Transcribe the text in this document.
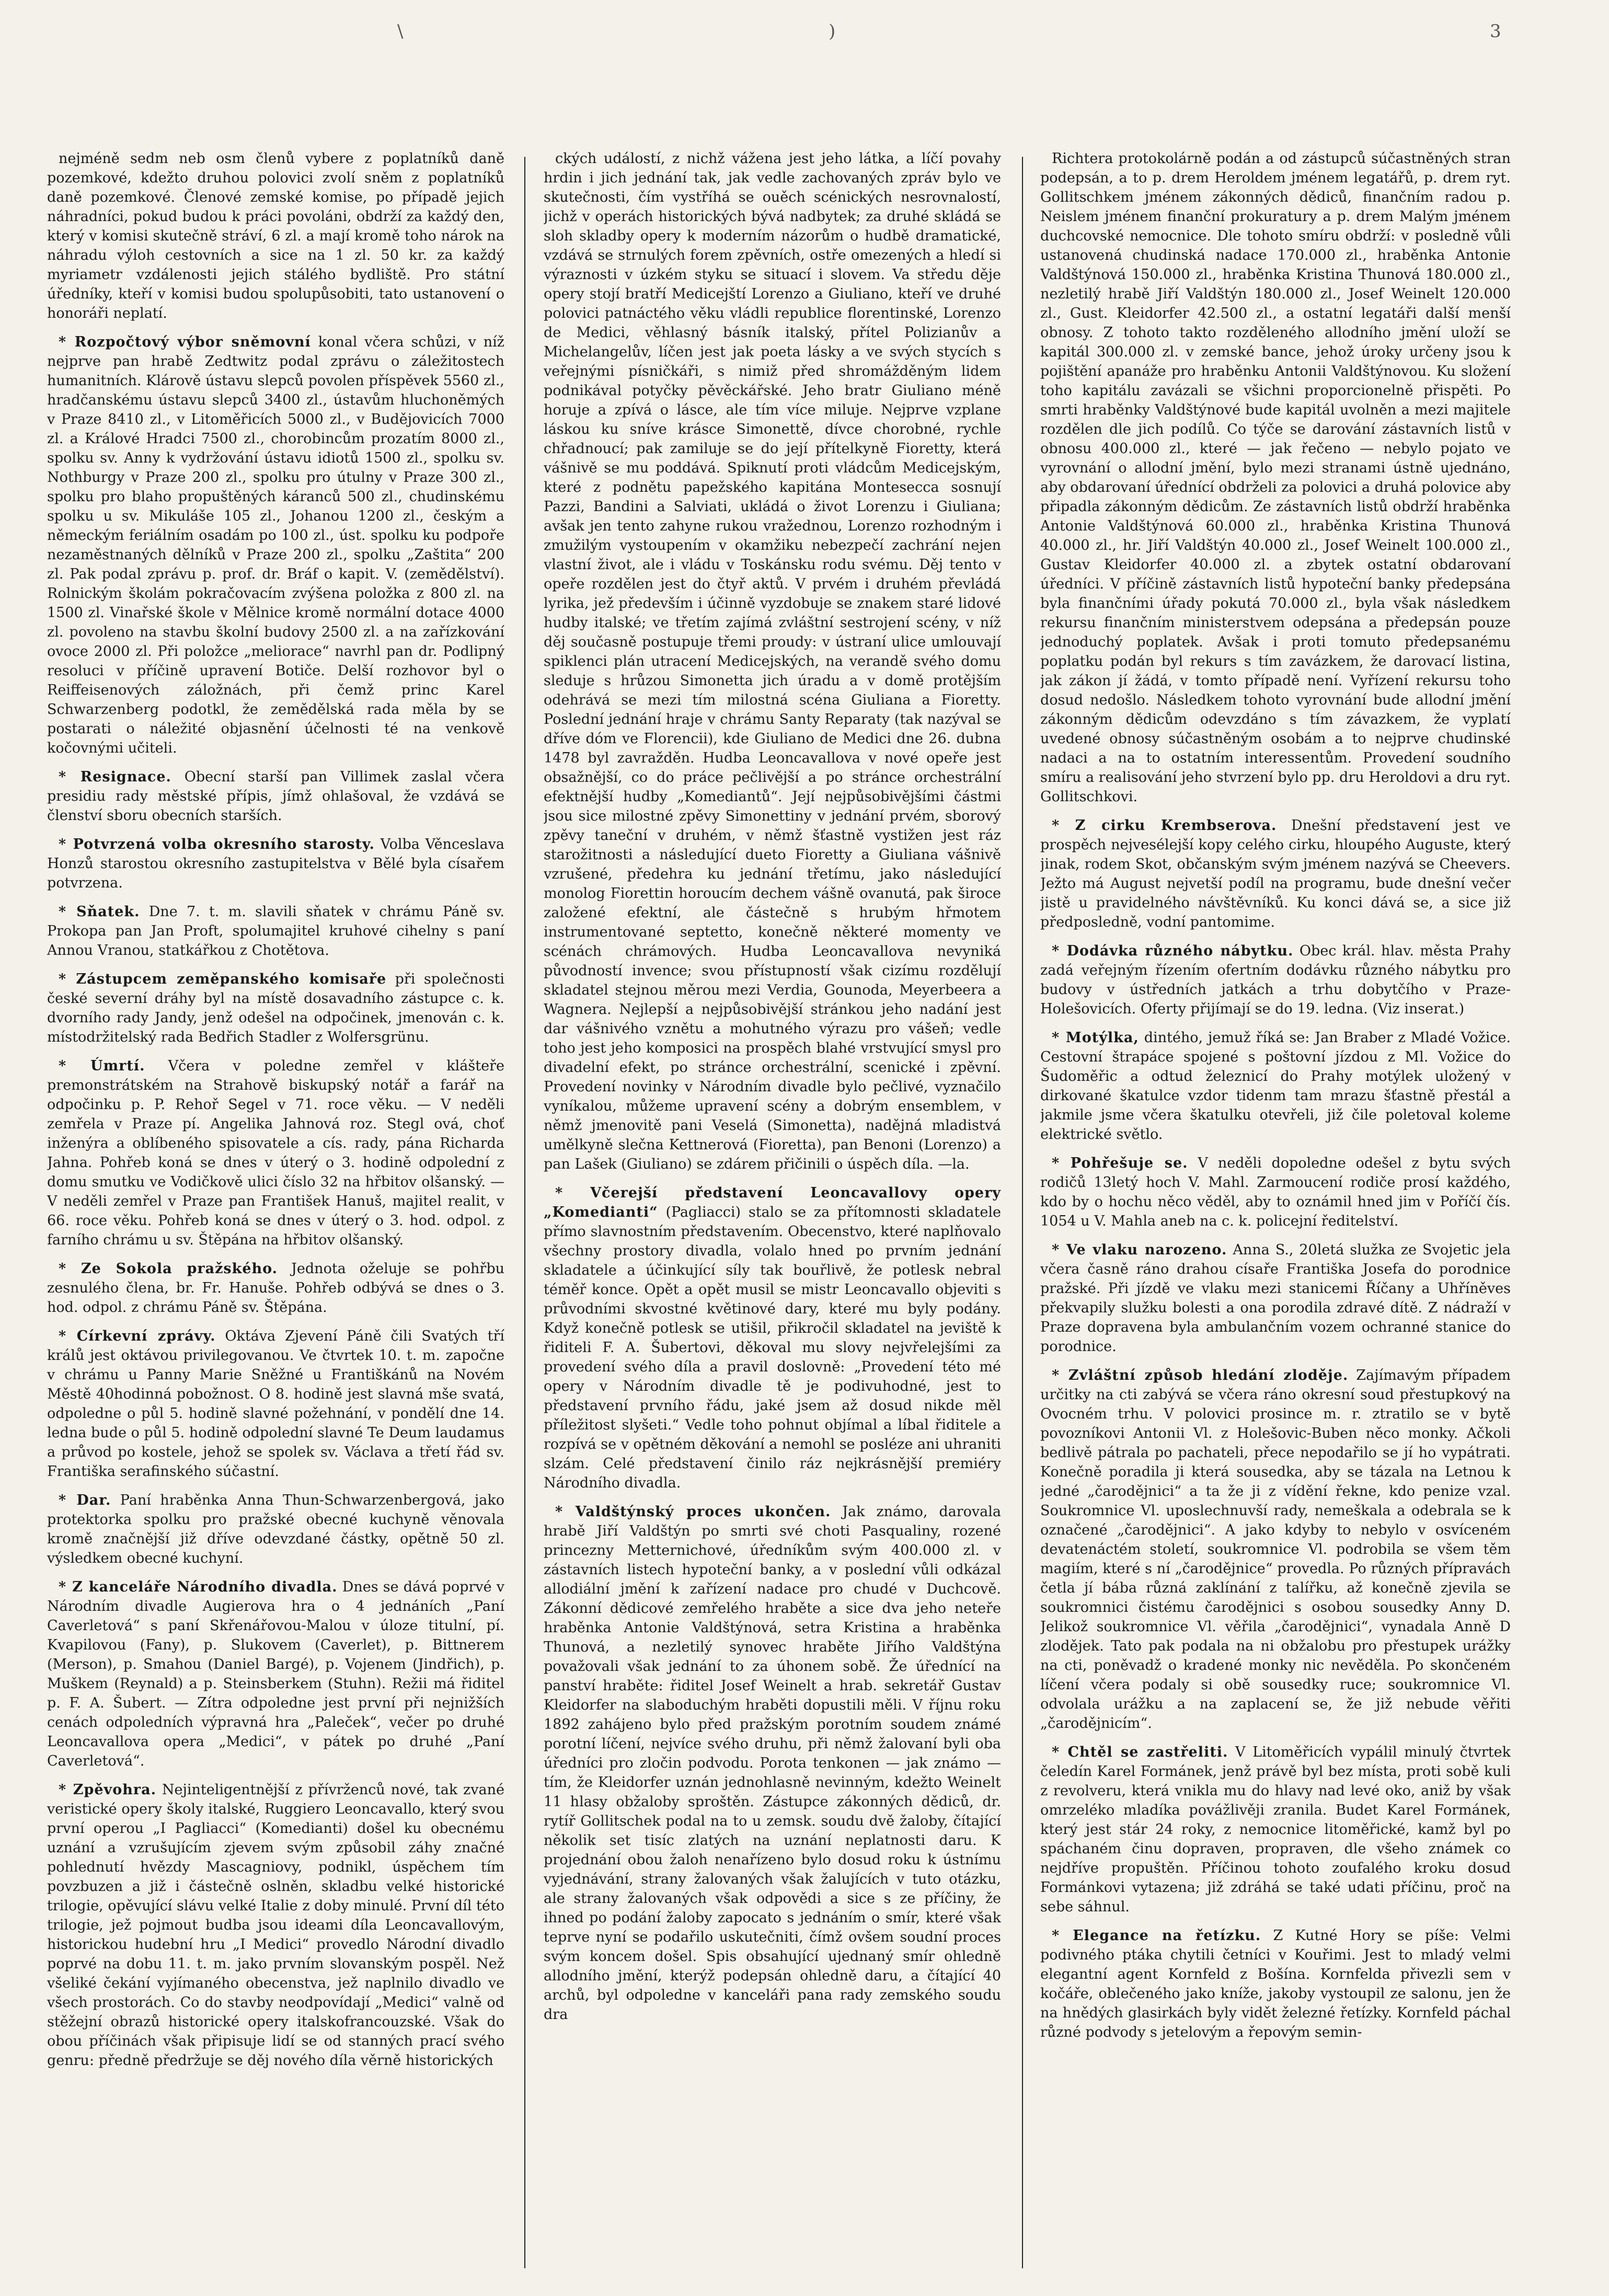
\	)	3

nejméně sedm neb osm členů vybere z poplatníků daně pozemkové, kdežto druhou polovici zvolí sněm z poplatníků daně pozemkové. Členové zemské komise, po případě jejich náhradníci, pokud budou k práci povoláni, obdrží za každý den, který v komisi skutečně stráví, 6 zl. a mají kromě toho nárok na náhradu výloh cestovních a sice na 1 zl. 50 kr. za každý myriametr vzdálenosti jejich stálého bydliště. Pro státní úředníky, kteří v komisi budou spolupůsobiti, tato ustanovení o honoráři neplatí.

* Rozpočtový výbor sněmovní konal včera schůzi, v níž nejprve pan hrabě Zedtwitz podal zprávu o záležitostech humanitních. Klárově ústavu slepců povolen příspěvek 5560 zl., hradčanskému ústavu slepců 3400 zl., ústavům hluchoněmých v Praze 8410 zl., v Litoměřicích 5000 zl., v Budějovicích 7000 zl. a Králové Hradci 7500 zl., chorobincům prozatím 8000 zl., spolku sv. Anny k vydržování ústavu idiotů 1500 zl., spolku sv. Nothburgy v Praze 200 zl., spolku pro útulny v Praze 300 zl., spolku pro blaho propuštěných káranců 500 zl., chudinskému spolku u sv. Mikuláše 105 zl., Johanou 1200 zl., českým a německým feriálním osadám po 100 zl., úst. spolku ku podpoře nezaměstnaných dělníků v Praze 200 zl., spolku „Zaštita“ 200 zl. Pak podal zprávu p. prof. dr. Bráf o kapit. V. (zemědělství). Rolnickým školám pokračovacím zvýšena položka z 800 zl. na 1500 zl. Vinařské škole v Mělnice kromě normální dotace 4000 zl. povoleno na stavbu školní budovy 2500 zl. a na zařízkování ovoce 2000 zl. Při položce „meliorace“ navrhl pan dr. Podlipný resoluci v příčině upravení Botiče. Delší rozhovor byl o Reiffeisenových záložnách, při čemž princ Karel Schwarzenberg podotkl, že zemědělská rada měla by se postarati o náležité objasnění účelnosti té na venkově kočovnými učiteli.

* Resignace. Obecní starší pan Villimek zaslal včera presidiu rady městské přípis, jímž ohlašoval, že vzdává se členství sboru obecních starších.

* Potvrzená volba okresního starosty. Volba Věnceslava Honzů starostou okresního zastupitelstva v Bělé byla císařem potvrzena.

* Sňatek. Dne 7. t. m. slavili sňatek v chrámu Páně sv. Prokopa pan Jan Proft, spolumajitel kruhové cihelny s paní Annou Vranou, statkářkou z Chotětova.

* Zástupcem zeměpanského komisaře při společnosti české severní dráhy byl na místě dosavadního zástupce c. k. dvorního rady Jandy, jenž odešel na odpočinek, jmenován c. k. místodržitelský rada Bedřich Stadler z Wolfersgrünu.

* Úmrtí. Včera v poledne zemřel v klášteře premonstrátském na Strahově biskupský notář a farář na odpočinku p. P. Rehoř Segel v 71. roce věku. — V neděli zemřela v Praze pí. Angelika Jahnová roz. Stegl ová, choť inženýra a oblíbeného spisovatele a cís. rady, pána Richarda Jahna. Pohřeb koná se dnes v úterý o 3. hodině odpolední z domu smutku ve Vodičkově ulici číslo 32 na hřbitov olšanský. — V neděli zemřel v Praze pan František Hanuš, majitel realit, v 66. roce věku. Pohřeb koná se dnes v úterý o 3. hod. odpol. z farního chrámu u sv. Štěpána na hřbitov olšanský.

* Ze Sokola pražského. Jednota oželuje se pohřbu zesnulého člena, br. Fr. Hanuše. Pohřeb odbývá se dnes o 3. hod. odpol. z chrámu Páně sv. Štěpána.

* Církevní zprávy. Oktáva Zjevení Páně čili Svatých tří králů jest oktávou privilegovanou. Ve čtvrtek 10. t. m. započne v chrámu u Panny Marie Sněžné u Františkánů na Novém Městě 40hodinná pobožnost. O 8. hodině jest slavná mše svatá, odpoledne o půl 5. hodině slavné požehnání, v pondělí dne 14. ledna bude o půl 5. hodině odpolední slavné Te Deum laudamus a průvod po kostele, jehož se spolek sv. Václava a třetí řád sv. Františka serafinského súčastní.

* Dar. Paní hraběnka Anna Thun-Schwarzenbergová, jako protektorka spolku pro pražské obecné kuchyně věnovala kromě značnější již dříve odevzdané částky, opětně 50 zl. výsledkem obecné kuchyní.

* Z kanceláře Národního divadla. Dnes se dává poprvé v Národním divadle Augierova hra o 4 jednáních „Paní Caverletová“ s paní Skřenářovou-Malou v úloze titulní, pí. Kvapilovou (Fany), p. Slukovem (Caverlet), p. Bittnerem (Merson), p. Smahou (Daniel Bargé), p. Vojenem (Jindřich), p. Muškem (Reynald) a p. Steinsberkem (Stuhn). Režii má řiditel p. F. A. Šubert. — Zítra odpoledne jest první při nejnižších cenách odpoledních výpravná hra „Paleček“, večer po druhé Leoncavallova opera „Medici“, v pátek po druhé „Paní Caverletová“.

* Zpěvohra. Nejinteligentnější z přívrženců nové, tak zvané veristické opery školy italské, Ruggiero Leoncavallo, který svou první operou „I Pagliacci“ (Komedianti) došel ku obecnému uznání a vzrušujícím zjevem svým způsobil záhy značné pohlednutí hvězdy Mascagniovy, podnikl, úspěchem tím povzbuzen a již i částečně oslněn, skladbu velké historické trilogie, opěvující slávu velké Italie z doby minulé. První díl této trilogie, jež pojmout budba jsou ideami díla Leoncavallovým, historickou hudební hru „I Medici“ provedlo Národní divadlo poprvé na dobu 11. t. m. jako prvním slovanským pospěl. Než všeliké čekání vyjímaného obecenstva, jež naplnilo divadlo ve všech prostorách. Co do stavby neodpovídají „Medici“ valně od stěžejní obrazů historické opery italskofrancouzské. Však do obou příčinách však připisuje lidí se od stanných prací svého genru: předně předržuje se děj nového díla věrně historických

ckých událostí, z nichž vážena jest jeho látka, a líčí povahy hrdin i jich jednání tak, jak vedle zachovaných zpráv bylo ve skutečnosti, čím vystříhá se ouěch scénických nesrovnalostí, jichž v operách historických bývá nadbytek; za druhé skládá se sloh skladby opery k moderním názorům o hudbě dramatické, vzdává se strnulých forem zpěvních, ostře omezených a hledí si výraznosti v úzkém styku se situací i slovem. Va středu děje opery stojí bratří Medicejští Lorenzo a Giuliano, kteří ve druhé polovici patnáctého věku vládli republice florentinské, Lorenzo de Medici, věhlasný básník italský, přítel Polizianův a Michelangelův, líčen jest jak poeta lásky a ve svých stycích s veřejnými písničkáři, s nimiž před shromážděným lidem podnikával potyčky pěvěckářské. Jeho bratr Giuliano méně horuje a zpívá o lásce, ale tím více miluje. Nejprve vzplane láskou ku sníve krásce Simonettě, dívce chorobné, rychle chřadnoucí; pak zamiluje se do její přítelkyně Fioretty, která vášnivě se mu poddává. Spiknutí proti vládcům Medicejským, které z podnětu papežského kapitána Montesecca sosnují Pazzi, Bandini a Salviati, ukládá o život Lorenzu i Giuliana; avšak jen tento zahyne rukou vražednou, Lorenzo rozhodným i zmužilým vystoupením v okamžiku nebezpečí zachrání nejen vlastní život, ale i vládu v Toskánsku rodu svému. Děj tento v opeře rozdělen jest do čtyř aktů. V prvém i druhém převládá lyrika, jež především i účinně vyzdobuje se znakem staré lidové hudby italské; ve třetím zajímá zvláštní sestrojení scény, v níž děj současně postupuje třemi proudy: v ústraní ulice umlouvají spiklenci plán utracení Medicejských, na verandě svého domu sleduje s hrůzou Simonetta jich úradu a v domě protějším odehrává se mezi tím milostná scéna Giuliana a Fioretty. Poslední jednání hraje v chrámu Santy Reparaty (tak nazýval se dříve dóm ve Florencii), kde Giuliano de Medici dne 26. dubna 1478 byl zavražděn. Hudba Leoncavallova v nové opeře jest obsažnější, co do práce pečlivější a po stránce orchestrální efektnější hudby „Komediantů“. Její nejpůsobivějšími částmi jsou sice milostné zpěvy Simonettiny v jednání prvém, sborový zpěvy taneční v druhém, v němž šťastně vystižen jest ráz starožitnosti a následující dueto Fioretty a Giuliana vášnivě vzrušené, předehra ku jednání třetímu, jako následující monolog Fiorettin horoucím dechem vášně ovanutá, pak široce založené efektní, ale částečně s hrubým hřmotem instrumentované septetto, konečně některé momenty ve scénách chrámových. Hudba Leoncavallova nevyniká původností invence; svou přístupností však cizímu rozdělují skladatel stejnou měrou mezi Verdia, Gounoda, Meyerbeera a Wagnera. Nejlepší a nejpůsobivější stránkou jeho nadání jest dar vášnivého vznětu a mohutného výrazu pro vášeň; vedle toho jest jeho komposici na prospěch blahé vrstvující smysl pro divadelní efekt, po stránce orchestrální, scenické i zpěvní. Provedení novinky v Národním divadle bylo pečlivé, vyznačilo vyníkalou, můžeme upravení scény a dobrým ensemblem, v němž jmenovitě pani Veselá (Simonetta), nadějná mladistvá umělkyně slečna Kettnerová (Fioretta), pan Benoni (Lorenzo) a pan Lašek (Giuliano) se zdárem přičinili o úspěch díla. —la.

* Včerejší představení Leoncavallovy opery „Komedianti“ (Pagliacci) stalo se za přítomnosti skladatele přímo slavnostním představením. Obecenstvo, které naplňovalo všechny prostory divadla, volalo hned po prvním jednání skladatele a účinkující síly tak bouřlivě, že potlesk nebral téměř konce. Opět a opět musil se mistr Leoncavallo objeviti s průvodními skvostné květinové dary, které mu byly podány. Když konečně potlesk se utišil, přikročil skladatel na jeviště k řiditeli F. A. Šubertovi, děkoval mu slovy nejvřelejšími za provedení svého díla a pravil doslovně: „Provedení této mé opery v Národním divadle tě je podivuhodné, jest to představení prvního řádu, jaké jsem až dosud nikde měl příležitost slyšeti.“ Vedle toho pohnut objímal a líbal řiditele a rozpívá se v opětném děkování a nemohl se posléze ani uhraniti slzám. Celé představení činilo ráz nejkrásnější premiéry Národního divadla.

* Valdštýnský proces ukončen. Jak známo, darovala hrabě Jiří Valdštýn po smrti své choti Pasqualiny, rozené princezny Metternichové, úředníkům svým 400.000 zl. v zástavních listech hypoteční banky, a v poslední vůli odkázal allodiální jmění k zařízení nadace pro chudé v Duchcově. Zákonní dědicové zemřelého hraběte a sice dva jeho neteře hraběnka Antonie Valdštýnová, setra Kristina a hraběnka Thunová, a nezletilý synovec hraběte Jiřího Valdštýna považovali však jednání to za úhonem sobě. Že úřednící na panství hraběte: řiditel Josef Weinelt a hrab. sekretář Gustav Kleidorfer na slaboduchým hraběti dopustili měli. V říjnu roku 1892 zahájeno bylo před pražským porotním soudem známé porotní líčení, nejvíce svého druhu, při němž žalovaní byli oba úředníci pro zločin podvodu. Porota tenkonen — jak známo — tím, že Kleidorfer uznán jednohlasně nevinným, kdežto Weinelt 11 hlasy obžaloby sproštěn. Zástupce zákonných dědiců, dr. rytíř Gollitschek podal na to u zemsk. soudu dvě žaloby, čítající několik set tisíc zlatých na uznání neplatnosti daru. K projednání obou žaloh nenařízeno bylo dosud roku k ústnímu vyjednávání, strany žalovaných však žalujících v tuto otázku, ale strany žalovaných však odpovědi a sice s ze příčiny, že ihned po podání žaloby zapocato s jednáním o smír, které však teprve nyní se podařilo uskutečniti, čímž ovšem soudní proces svým koncem došel. Spis obsahující ujednaný smír ohledně allodního jmění, kterýž podepsán ohledně daru, a čítající 40 archů, byl odpoledne v kanceláři pana rady zemského soudu dra

Richtera protokolárně podán a od zástupců súčastněných stran podepsán, a to p. drem Heroldem jménem legatářů, p. drem ryt. Gollitschkem jménem zákonných dědiců, finančním radou p. Neislem jménem finanční prokuratury a p. drem Malým jménem duchcovské nemocnice. Dle tohoto smíru obdrží: v posledně vůli ustanovená chudinská nadace 170.000 zl., hraběnka Antonie Valdštýnová 150.000 zl., hraběnka Kristina Thunová 180.000 zl., nezletilý hrabě Jiří Valdštýn 180.000 zl., Josef Weinelt 120.000 zl., Gust. Kleidorfer 42.500 zl., a ostatní legatáři další menší obnosy. Z tohoto takto rozděleného allodního jmění uloží se kapitál 300.000 zl. v zemské bance, jehož úroky určeny jsou k pojištění apanáže pro hraběnku Antonii Valdštýnovou. Ku složení toho kapitálu zavázali se všichni proporcionelně přispěti. Po smrti hraběnky Valdštýnové bude kapitál uvolněn a mezi majitele rozdělen dle jich podílů. Co týče se darování zástavních listů v obnosu 400.000 zl., které — jak řečeno — nebylo pojato ve vyrovnání o allodní jmění, bylo mezi stranami ústně ujednáno, aby obdarovaní úřednící obdrželi za polovici a druhá polovice aby připadla zákonným dědicům. Ze zástavních listů obdrží hraběnka Antonie Valdštýnová 60.000 zl., hraběnka Kristina Thunová 40.000 zl., hr. Jiří Valdštýn 40.000 zl., Josef Weinelt 100.000 zl., Gustav Kleidorfer 40.000 zl. a zbytek ostatní obdarovaní úředníci. V příčině zástavních listů hypoteční banky předepsána byla finančními úřady pokutá 70.000 zl., byla však následkem rekursu finančním ministerstvem odepsána a předepsán pouze jednoduchý poplatek. Avšak i proti tomuto předepsanému poplatku podán byl rekurs s tím zavázkem, že darovací listina, jak zákon jí žádá, v tomto případě není. Vyřízení rekursu toho dosud nedošlo. Následkem tohoto vyrovnání bude allodní jmění zákonným dědicům odevzdáno s tím závazkem, že vyplatí uvedené obnosy súčastněným osobám a to nejprve chudinské nadaci a na to ostatním interessentům. Provedení soudního smíru a realisování jeho stvrzení bylo pp. dru Heroldovi a dru ryt. Gollitschkovi.

* Z cirku Krembserova. Dnešní představení jest ve prospěch nejvesélejší kopy celého cirku, hloupého Auguste, který jinak, rodem Skot, občanským svým jménem nazývá se Cheevers. Ježto má August nejvetší podíl na programu, bude dnešní večer jistě u pravidelného návštěvníků. Ku konci dává se, a sice již předposledně, vodní pantomime.

* Dodávka různého nábytku. Obec král. hlav. města Prahy zadá veřejným řízením ofertním dodávku různého nábytku pro budovy v ústředních jatkách a trhu dobytčího v Praze-Holešovicích. Oferty přijímají se do 19. ledna. (Viz inserat.)

* Motýlka, dintého, jemuž říká se: Jan Braber z Mladé Vožice. Cestovní štrapáce spojené s poštovní jízdou z Ml. Vožice do Šudoměřic a odtud železnicí do Prahy motýlek uložený v dirkované škatulce vzdor tidenm tam mrazu šťastně přestál a jakmile jsme včera škatulku otevřeli, již čile poletoval koleme elektrické světlo.

* Pohřešuje se. V neděli dopoledne odešel z bytu svých rodičů 13letý hoch V. Mahl. Zarmoucení rodiče prosí každého, kdo by o hochu něco věděl, aby to oznámil hned jim v Poříčí čís. 1054 u V. Mahla aneb na c. k. policejní ředitelství.

* Ve vlaku narozeno. Anna S., 20letá služka ze Svojetic jela včera časně ráno drahou císaře Františka Josefa do porodnice pražské. Při jízdě ve vlaku mezi stanicemi Říčany a Uhříněves překvapily služku bolesti a ona porodila zdravé dítě. Z nádraží v Praze dopravena byla ambulančním vozem ochranné stanice do porodnice.

* Zvláštní způsob hledání zloděje. Zajímavým případem určitky na cti zabývá se včera ráno okresní soud přestupkový na Ovocném trhu. V polovici prosince m. r. ztratilo se v bytě povozníkovi Antonii Vl. z Holešovic-Buben něco monky. Ačkoli bedlivě pátrala po pachateli, přece nepodařilo se jí ho vypátrati. Konečně poradila ji která sousedka, aby se tázala na Letnou k jedné „čarodějnici“ a ta že ji z vídění řekne, kdo penize vzal. Soukromnice Vl. uposlechnuvší rady, nemeškala a odebrala se k označené „čarodějnici“. A jako kdyby to nebylo v osvíceném devatenáctém století, soukromnice Vl. podrobila se všem těm magiím, které s ní „čarodějnice“ provedla. Po různých přípravách četla jí bába různá zaklínání z talířku, až konečně zjevila se soukromnici čistému čarodějnici s osobou sousedky Anny D. Jelikož soukromnice Vl. věřila „čarodějnici“, vynadala Anně D zlodějek. Tato pak podala na ni obžalobu pro přestupek urážky na cti, poněvadž o kradené monky nic nevěděla. Po skončeném líčení včera podaly si obě sousedky ruce; soukromnice Vl. odvolala urážku a na zaplacení se, že již nebude věřiti „čarodějnicím“.

* Chtěl se zastřeliti. V Litoměřicích vypálil minulý čtvrtek čeledín Karel Formánek, jenž právě byl bez místa, proti sobě kuli z revolveru, která vnikla mu do hlavy nad levé oko, aniž by však omrzeléko mladíka povážlivěji zranila. Budet Karel Formánek, který jest stár 24 roky, z nemocnice litoměřické, kamž byl po spáchaném činu dopraven, propraven, dle všeho známek co nejdříve propuštěn. Příčinou tohoto zoufalého kroku dosud Formánkovi vytazena; již zdráhá se také udati příčinu, proč na sebe sáhnul.

* Elegance na řetízku. Z Kutné Hory se píše: Velmi podivného ptáka chytili četníci v Kouřimi. Jest to mladý velmi elegantní agent Kornfeld z Bošína. Kornfelda přivezli sem v kočáře, oblečeného jako kníže, jakoby vystoupil ze salonu, jen že na hnědých glasirkách byly vidět železné řetízky. Kornfeld páchal různé podvody s jetelovým a řepovým semin-
